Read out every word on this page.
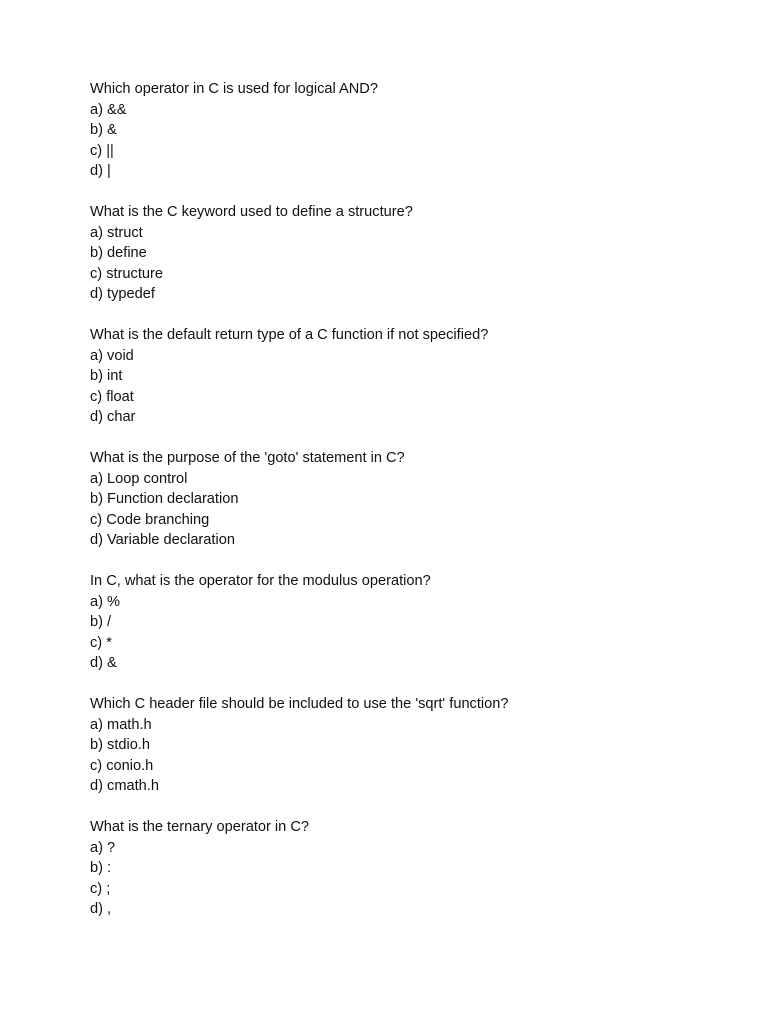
Which operator in C is used for logical AND?
a) &&
b) &
c) ||
d) |
What is the C keyword used to define a structure?
a) struct
b) define
c) structure
d) typedef
What is the default return type of a C function if not specified?
a) void
b) int
c) float
d) char
What is the purpose of the 'goto' statement in C?
a) Loop control
b) Function declaration
c) Code branching
d) Variable declaration
In C, what is the operator for the modulus operation?
a) %
b) /
c) *
d) &
Which C header file should be included to use the 'sqrt' function?
a) math.h
b) stdio.h
c) conio.h
d) cmath.h
What is the ternary operator in C?
a) ?
b) :
c) ;
d) ,
